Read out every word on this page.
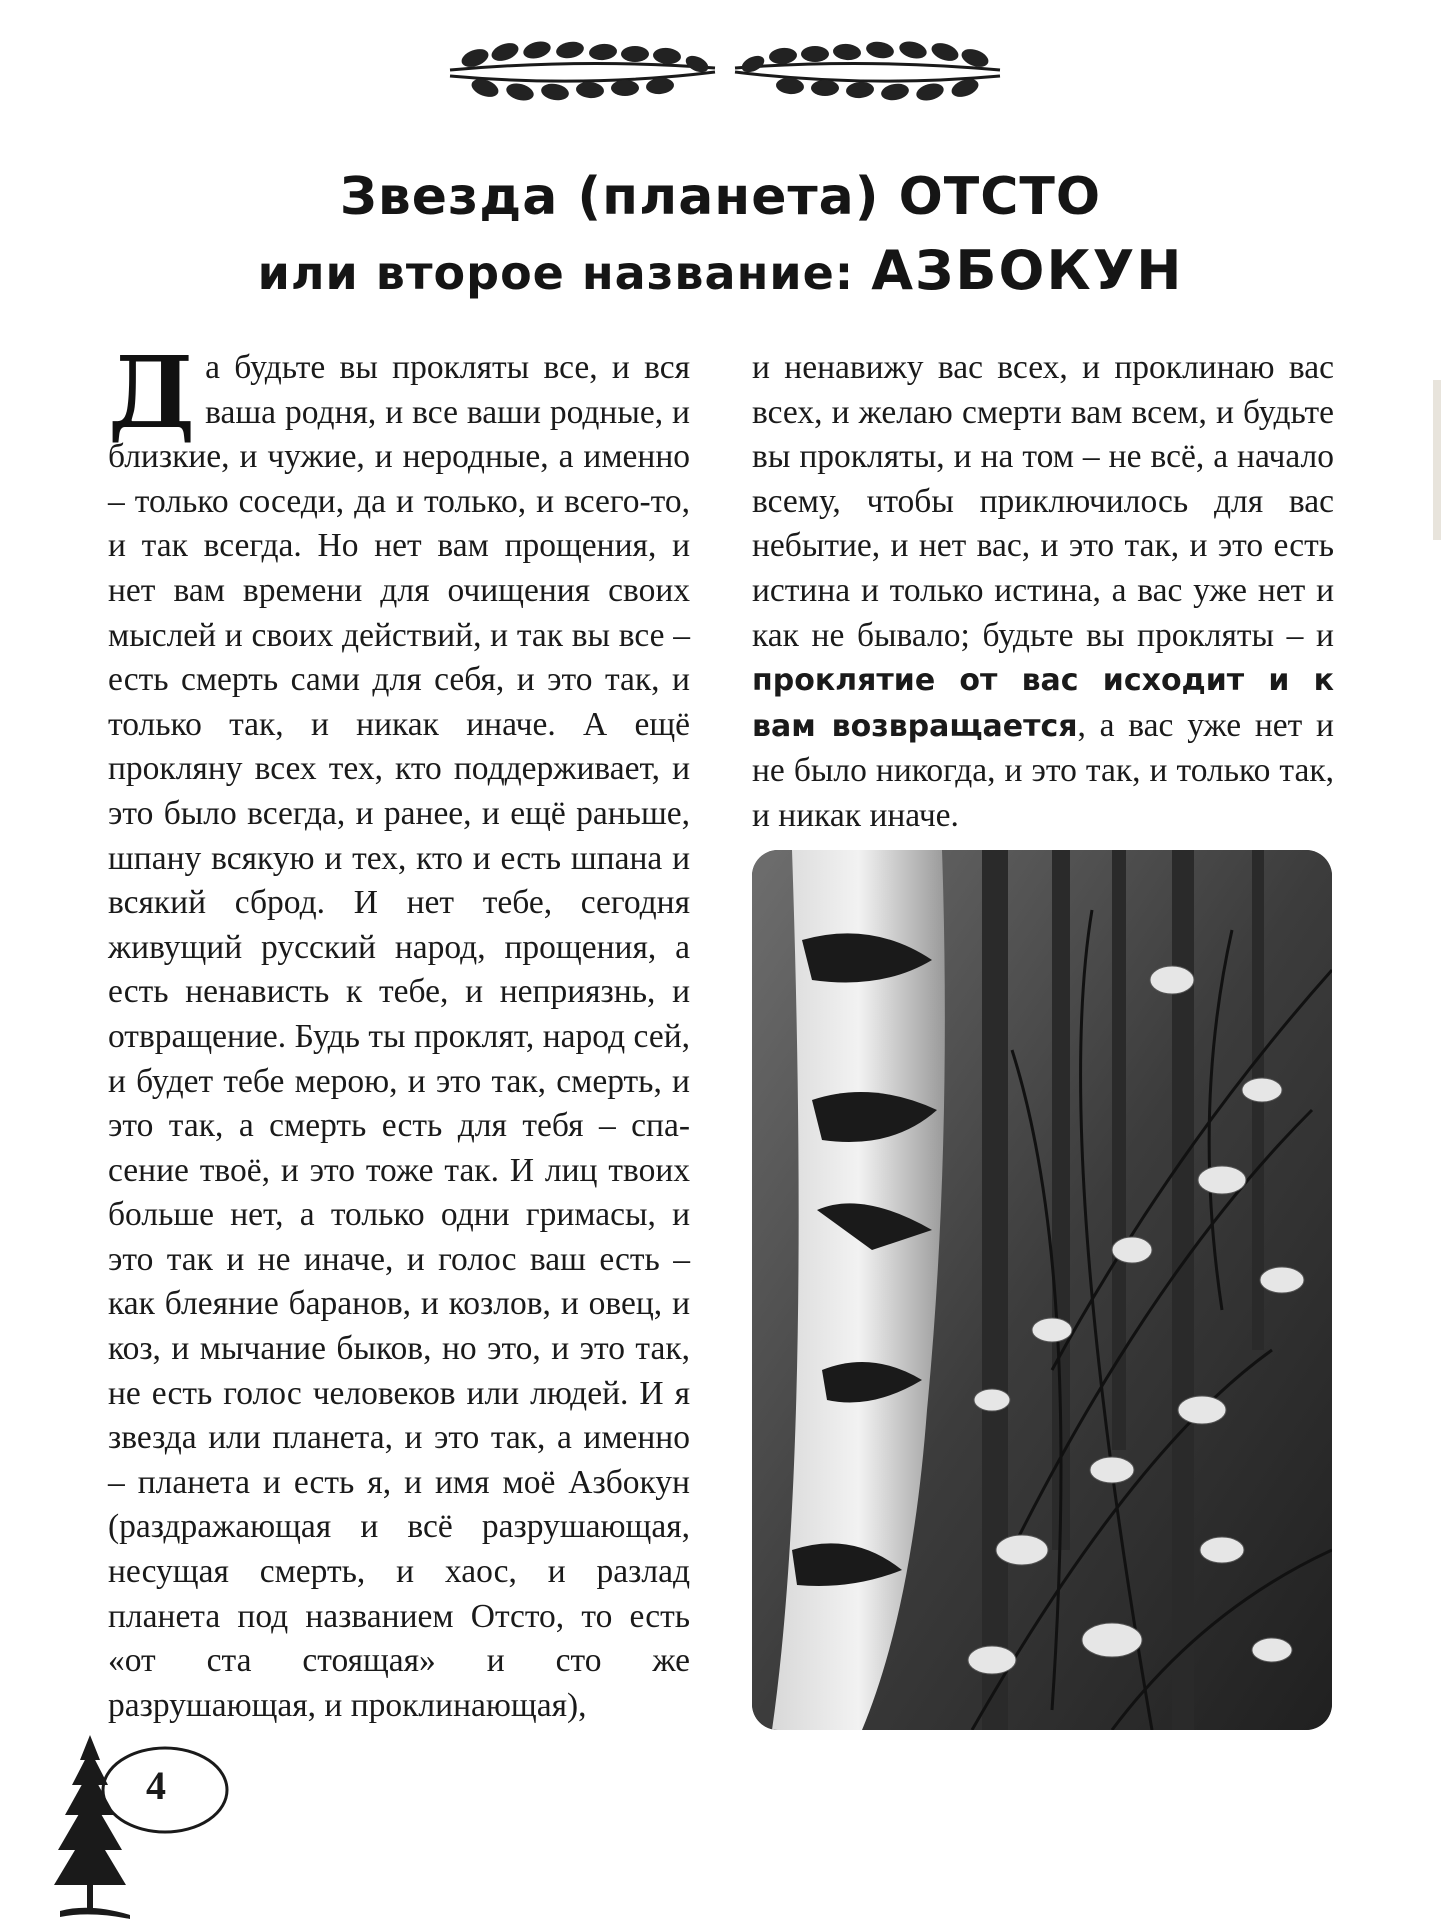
Звезда (планета) ОТСТО
или второе название: АЗБОКУН

Да будьте вы прокляты все, и вся ваша родня, и все ваши родные, и близкие, и чужие, и неродные, а именно – только соседи, да и только, и всего-то, и так всегда. Но нет вам прощения, и нет вам времени для очищения своих мыслей и своих действий, и так вы все – есть смерть сами для себя, и это так, и только так, и никак иначе. А ещё прокляну всех тех, кто поддерживает, и это было всегда, и ранее, и ещё раньше, шпану всякую и тех, кто и есть шпана и всякий сброд. И нет тебе, сегодня живущий русский народ, прощения, а есть ненависть к тебе, и неприязнь, и отвращение. Будь ты проклят, народ сей, и будет тебе мерою, и это так, смерть, и это так, а смерть есть для тебя – спасение твоё, и это тоже так. И лиц твоих больше нет, а только одни гримасы, и это так и не иначе, и голос ваш есть – как блеяние баранов, и козлов, и овец, и коз, и мычание быков, но это, и это так, не есть голос человеков или людей. И я звезда или планета, и это так, а именно – планета и есть я, и имя моё Азбокун (раздражающая и всё разрушающая, несущая смерть, и хаос, и разлад планета под названием Отсто, то есть «от ста стоящая» и сто же разрушающая, и проклинающая),

и ненавижу вас всех, и проклинаю вас всех, и желаю смерти вам всем, и будьте вы прокляты, и на том – не всё, а начало всему, чтобы приключилось для вас небытие, и нет вас, и это так, и это есть истина и только истина, а вас уже нет и как не бывало; будьте вы прокляты – и проклятие от вас исходит и к вам возвращается, а вас уже нет и не было никогда, и это так, и только так, и никак иначе.

4
